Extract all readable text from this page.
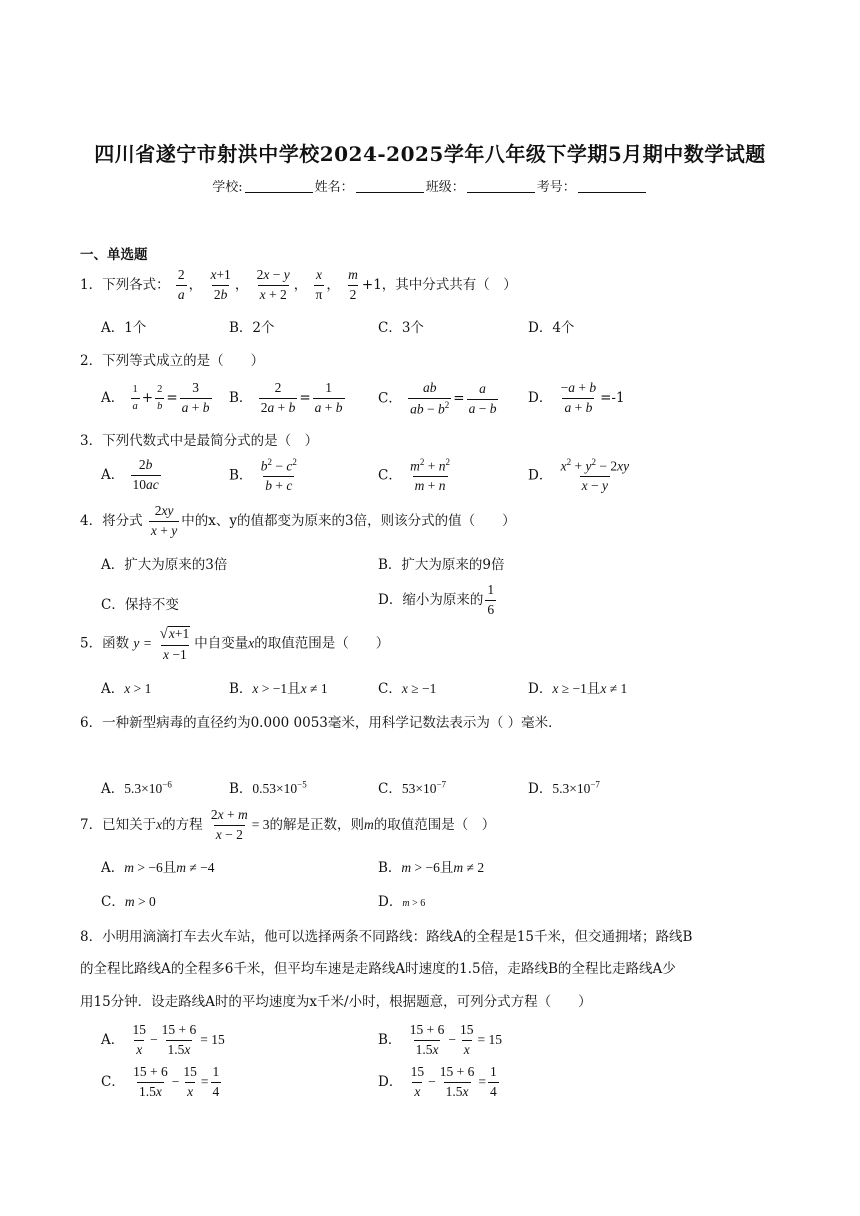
四川省遂宁市射洪中学校2024-2025学年八年级下学期5月期中数学试题
学校:	姓名：	班级：	考号：
一、单选题
1．下列各式： $\frac{2}{a}$ ， $\frac{x+1}{2b}$ ， $\frac{2x - y}{x + 2}$ ， $\frac{x}{\pi}$ ， $\frac{m}{2} +1$，其中分式共有（　）
A．1个	B．2个	C．3个	D．4个
2．下列等式成立的是（　　）
A． $\frac{1}{a} + \frac{2}{b} = \frac{3}{a + b}$ B． $\frac{2}{2a + b} = \frac{1}{a + b}$ C． $\frac{ab}{ab - b^2} = \frac{a}{a - b}$ D． $\frac{-a + b}{a + b} =-1$
3．下列代数式中是最简分式的是（　）
A． $\frac{2b}{10ac}$	B． $\frac{b^2 - c^2}{b + c}$	C． $\frac{m^2 + n^2}{m + n}$	D． $\frac{x^2 + y^2 - 2xy}{x - y}$
4．将分式 $\frac{2xy}{x + y}$ 中的x、y的值都变为原来的3倍，则该分式的值（　　）
A．扩大为原来的3倍	B．扩大为原来的9倍
C．保持不变	D．缩小为原来的 $\frac{1}{6}$
5．函数 $y = \frac{√x+1}{x -1}$ 中自变量x的取值范围是（　　）
A．x > 1	B．x > −1且x ≠ 1	C．x ≥ −1	D．x ≥ −1且x ≠ 1
6．一种新型病毒的直径约为0.000 0053毫米，用科学记数法表示为（ ）毫米．
A．$5.3\times 10^{-6}$	B．$0.53\times 10^{-5}$	C．$53\times 10^{-7}$	D．$5.3\times 10^{-7}$
7．已知关于x的方程 $\frac{2x + m}{x - 2} = 3$的解是正数，则m的取值范围是（　）
A．m > −6且m ≠ −4	B．m > −6且m ≠ 2
C．m > 0	D．m > 6
8．小明用滴滴打车去火车站，他可以选择两条不同路线：路线A的全程是15千米，但交通拥堵；路线B
的全程比路线A的全程多6千米，但平均车速是走路线A时速度的1.5倍，走路线B的全程比走路线A少
用15分钟．设走路线A时的平均速度为x千米/小时，根据题意，可列分式方程（　　）
A． $\frac{15}{x} - \frac{15 + 6}{1.5x} = 15$	B． $\frac{15 + 6}{1.5x} - \frac{15}{x} = 15$
C． $\frac{15 + 6}{1.5x} - \frac{15}{x} = \frac{1}{4}$	D． $\frac{15}{x} - \frac{15 + 6}{1.5x} = \frac{1}{4}$
